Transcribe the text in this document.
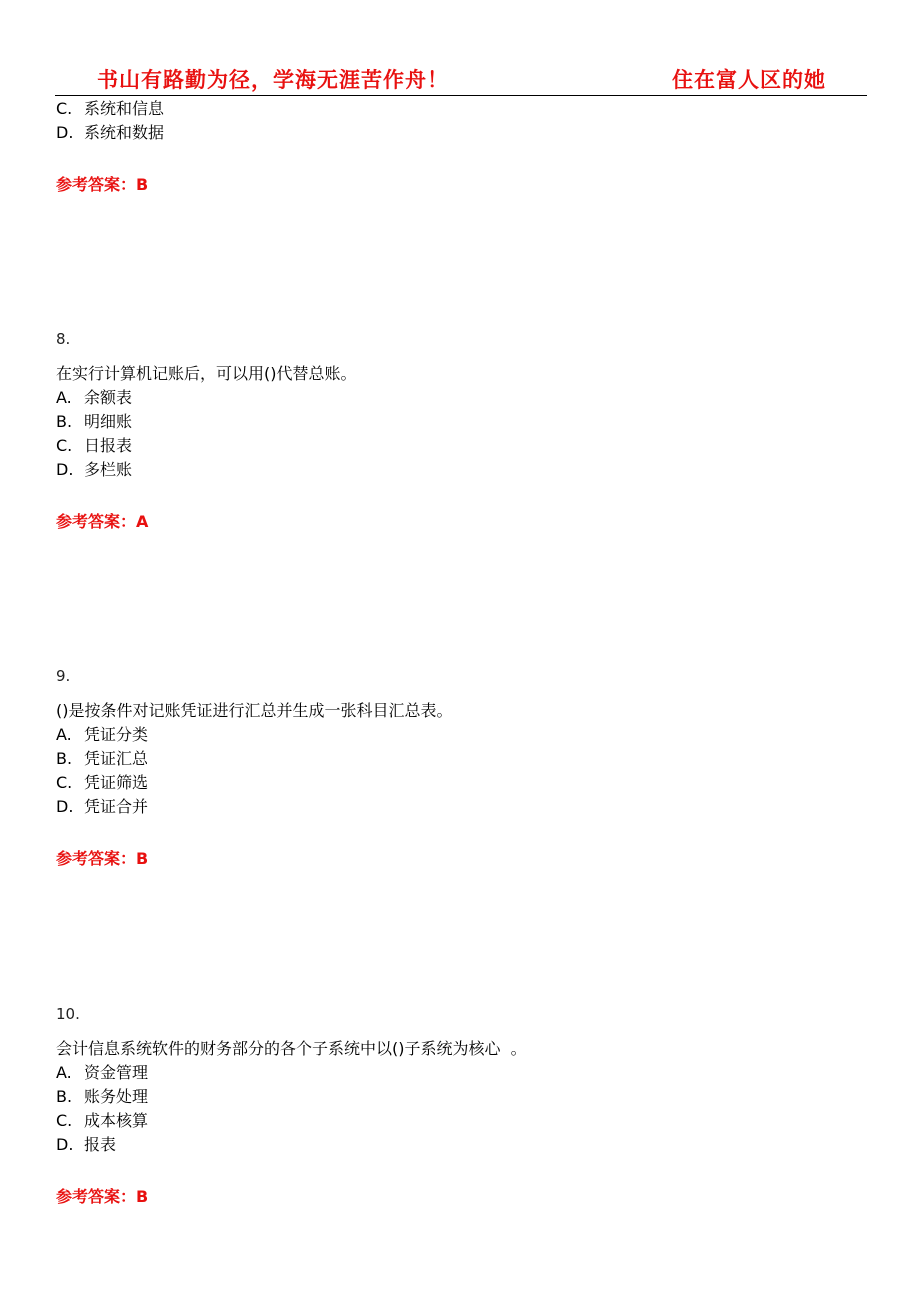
书山有路勤为径，学海无涯苦作舟！	住在富人区的她
C. 系统和信息
D. 系统和数据
参考答案：B
8.
在实行计算机记账后，可以用()代替总账。
A. 余额表
B. 明细账
C. 日报表
D. 多栏账
参考答案：A
9.
()是按条件对记账凭证进行汇总并生成一张科目汇总表。
A. 凭证分类
B. 凭证汇总
C. 凭证筛选
D. 凭证合并
参考答案：B
10.
会计信息系统软件的财务部分的各个子系统中以()子系统为核心  。
A. 资金管理
B. 账务处理
C. 成本核算
D. 报表
参考答案：B
